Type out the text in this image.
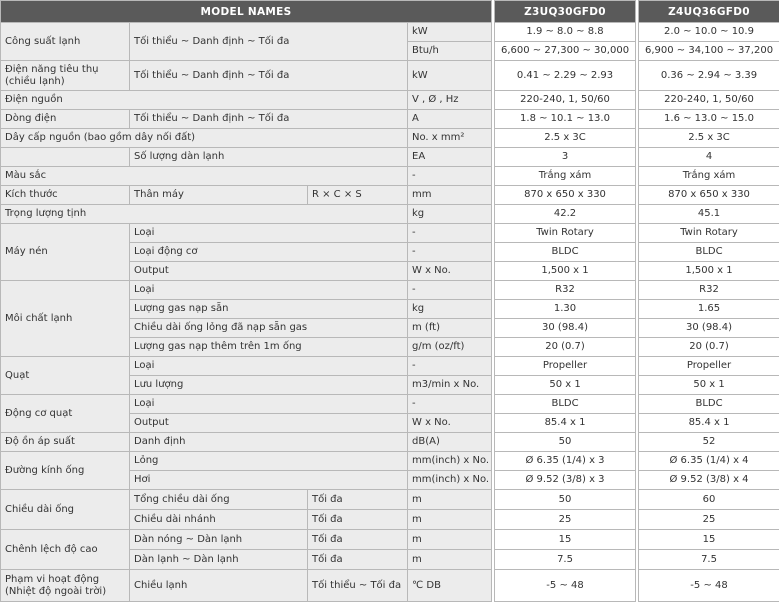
MODEL NAMES					Z3UQ30GFD0		Z4UQ36GFD0
Công suất lạnh	Tối thiểu ~ Danh định ~ Tối đa		kW		1.9 ~ 8.0 ~ 8.8		2.0 ~ 10.0 ~ 10.9
			Btu/h		6,600 ~ 27,300 ~ 30,000		6,900 ~ 34,100 ~ 37,200
Điện năng tiêu thụ (chiều lạnh)	Tối thiểu ~ Danh định ~ Tối đa		kW		0.41 ~ 2.29 ~ 2.93		0.36 ~ 2.94 ~ 3.39
Điện nguồn			V , Ø , Hz		220-240, 1, 50/60		220-240, 1, 50/60
Dòng điện	Tối thiểu ~ Danh định ~ Tối đa		A		1.8 ~ 10.1 ~ 13.0		1.6 ~ 13.0 ~ 15.0
Dây cấp nguồn (bao gồm dây nối đất)			No. x mm²		2.5 x 3C		2.5 x 3C
	Số lượng dàn lạnh		EA		3		4
Màu sắc			-		Trắng xám		Trắng xám
Kích thước	Thân máy	R × C × S	mm		870 x 650 x 330		870 x 650 x 330
Trọng lượng tịnh			kg		42.2		45.1
Máy nén	Loại		-		Twin Rotary		Twin Rotary
	Loại động cơ		-		BLDC		BLDC
	Output		W x No.		1,500 x 1		1,500 x 1
Môi chất lạnh	Loại		-		R32		R32
	Lượng gas nạp sẵn		kg		1.30		1.65
	Chiều dài ống lỏng đã nạp sẵn gas		m (ft)		30 (98.4)		30 (98.4)
	Lượng gas nạp thêm trên 1m ống		g/m (oz/ft)		20 (0.7)		20 (0.7)
Quạt	Loại		-		Propeller		Propeller
	Lưu lượng		m3/min x No.		50 x 1		50 x 1
Động cơ quạt	Loại		-		BLDC		BLDC
	Output		W x No.		85.4 x 1		85.4 x 1
Độ ồn áp suất	Danh định		dB(A)		50		52
Đường kính ống	Lỏng		mm(inch) x No.		Ø 6.35 (1/4) x 3		Ø 6.35 (1/4) x 4
	Hơi		mm(inch) x No.		Ø 9.52 (3/8) x 3		Ø 9.52 (3/8) x 4
Chiều dài ống	Tổng chiều dài ống	Tối đa	m		50		60
	Chiều dài nhánh	Tối đa	m		25		25
Chênh lệch độ cao	Dàn nóng ~ Dàn lạnh	Tối đa	m		15		15
	Dàn lạnh ~ Dàn lạnh	Tối đa	m		7.5		7.5
Phạm vi hoạt động (Nhiệt độ ngoài trời)	Chiều lạnh	Tối thiểu ~ Tối đa	℃ DB		-5 ~ 48		-5 ~ 48
